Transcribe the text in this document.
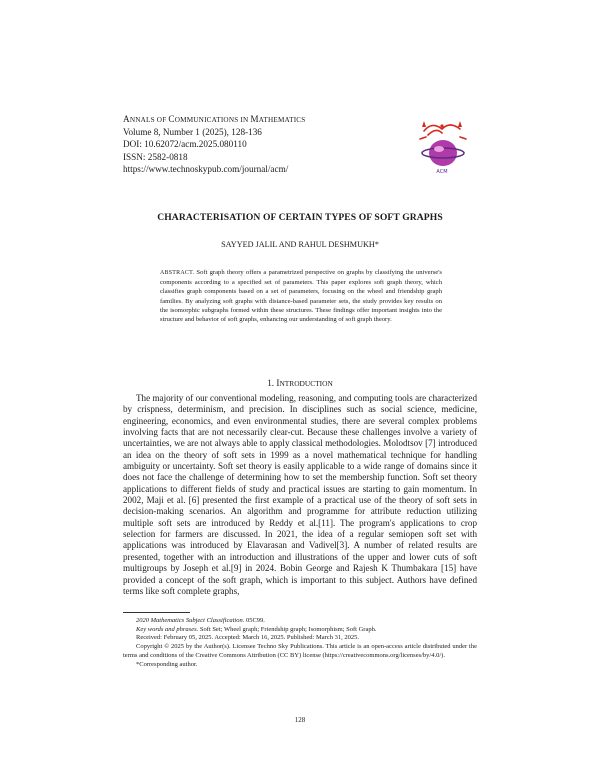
ANNALS OF COMMUNICATIONS IN MATHEMATICS
Volume 8, Number 1 (2025), 128-136
DOI: 10.62072/acm.2025.080110
ISSN: 2582-0818
https://www.technoskypub.com/journal/acm/	ACM
CHARACTERISATION OF CERTAIN TYPES OF SOFT GRAPHS
SAYYED JALIL AND RAHUL DESHMUKH*
ABSTRACT. Soft graph theory offers a parametrized perspective on graphs by classifying the universe's components according to a specified set of parameters. This paper explores soft graph theory, which classifies graph components based on a set of parameters, focusing on the wheel and friendship graph families. By analyzing soft graphs with distance-based parameter sets, the study provides key results on the isomorphic subgraphs formed within these structures. These findings offer important insights into the structure and behavior of soft graphs, enhancing our understanding of soft graph theory.
1. INTRODUCTION
The majority of our conventional modeling, reasoning, and computing tools are characterized by crispness, determinism, and precision. In disciplines such as social science, medicine, engineering, economics, and even environmental studies, there are several complex problems involving facts that are not necessarily clear-cut. Because these challenges involve a variety of uncertainties, we are not always able to apply classical methodologies. Molodtsov [7] introduced an idea on the theory of soft sets in 1999 as a novel mathematical technique for handling ambiguity or uncertainty. Soft set theory is easily applicable to a wide range of domains since it does not face the challenge of determining how to set the membership function. Soft set theory applications to different fields of study and practical issues are starting to gain momentum. In 2002, Maji et al. [6] presented the first example of a practical use of the theory of soft sets in decision-making scenarios. An algorithm and programme for attribute reduction utilizing multiple soft sets are introduced by Reddy et al.[11]. The program's applications to crop selection for farmers are discussed. In 2021, the idea of a regular semiopen soft set with applications was introduced by Elavarasan and Vadivel[3]. A number of related results are presented, together with an introduction and illustrations of the upper and lower cuts of soft multigroups by Joseph et al.[9] in 2024. Bobin George and Rajesh K Thumbakara [15] have provided a concept of the soft graph, which is important to this subject. Authors have defined terms like soft complete graphs,

2020 Mathematics Subject Classification. 05C99.

Key words and phrases. Soft Set; Wheel graph; Friendship graph; Isomorphism; Soft Graph.

Received: February 05, 2025. Accepted: March 16, 2025. Published: March 31, 2025.

Copyright © 2025 by the Author(s). Licensee Techno Sky Publications. This article is an open-access article distributed under the terms and conditions of the Creative Commons Attribution (CC BY) license (https://creativecommons.org/licenses/by/4.0/).

*Corresponding author.

128
